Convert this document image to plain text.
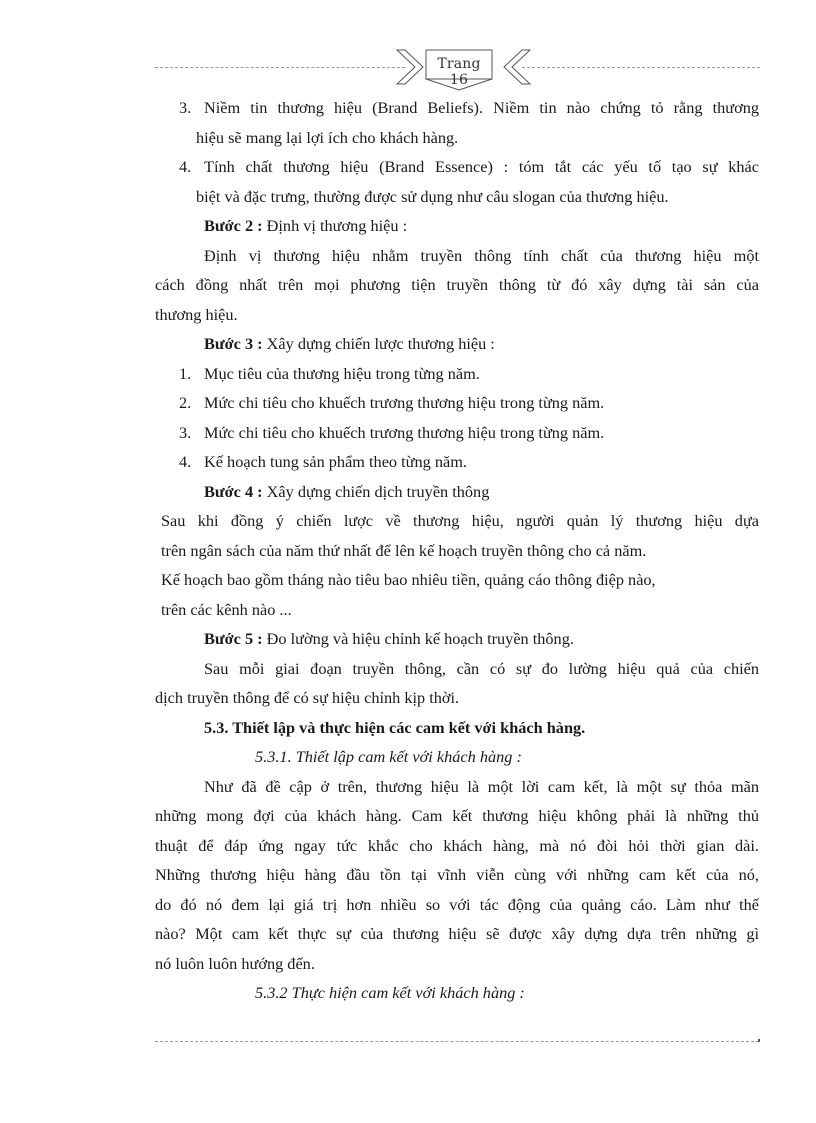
Trang 16
3. Niềm tin thương hiệu (Brand Beliefs). Niềm tin nào chứng tỏ rằng thương
hiệu sẽ mang lại lợi ích cho khách hàng.
4. Tính chất thương hiệu (Brand Essence) : tóm tắt các yếu tố tạo sự khác
biệt và đặc trưng, thường được sử dụng như câu slogan của thương hiệu.
Bước 2 : Định vị thương hiệu :
Định vị thương hiệu nhằm truyền thông tính chất của thương hiệu một
cách đồng nhất trên mọi phương tiện truyền thông từ đó xây dựng tài sản của
thương hiệu.
Bước 3 : Xây dựng chiến lược thương hiệu :
1. Mục tiêu của thương hiệu trong từng năm.
2. Mức chi tiêu cho khuếch trương thương hiệu trong từng năm.
3. Mức chi tiêu cho khuếch trương thương hiệu trong từng năm.
4. Kế hoạch tung sản phẩm theo từng năm.
Bước 4 : Xây dựng chiến dịch truyền thông
Sau khi đồng ý chiến lược về thương hiệu, người quản lý thương hiệu dựa
trên ngân sách của năm thứ nhất để lên kế hoạch truyền thông cho cả năm.
Kế hoạch bao gồm tháng nào tiêu bao nhiêu tiền, quảng cáo thông điệp nào,
trên các kênh nào ...
Bước 5 : Đo lường và hiệu chỉnh kế hoạch truyền thông.
Sau mỗi giai đoạn truyền thông, cần có sự đo lường hiệu quả của chiến
dịch truyền thông để có sự hiệu chỉnh kịp thời.
5.3. Thiết lập và thực hiện các cam kết với khách hàng.
5.3.1. Thiết lập cam kết với khách hàng :
Như đã đề cập ở trên, thương hiệu là một lời cam kết, là một sự thỏa mãn
những mong đợi của khách hàng. Cam kết thương hiệu không phải là những thủ
thuật để đáp ứng ngay tức khắc cho khách hàng, mà nó đòi hỏi thời gian dài.
Những thương hiệu hàng đầu tồn tại vĩnh viễn cùng với những cam kết của nó,
do đó nó đem lại giá trị hơn nhiều so với tác động của quảng cáo. Làm như thế
nào? Một cam kết thực sự của thương hiệu sẽ được xây dựng dựa trên những gì
nó luôn luôn hướng đến.
5.3.2 Thực hiện cam kết với khách hàng :
